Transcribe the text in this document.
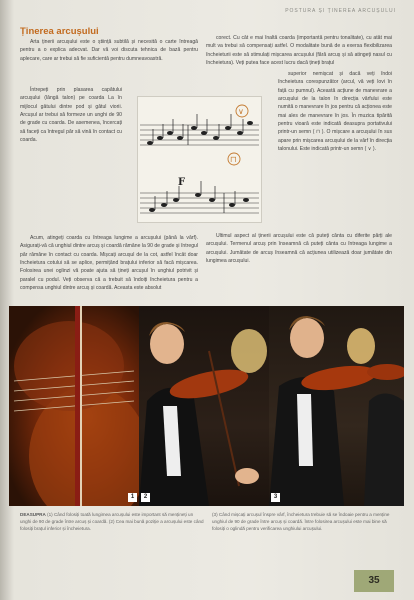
POSTURA ȘI ȚINEREA ARCUȘULUI
Ținerea arcușului

Arta ținerii arcușului este o știință subtilă și necesită o carte întreagă pentru a o explica adecvat. Dar vă voi discuta tehnica de bază pentru aplecare, care ar trebui să fie suficientă pentru dumneavoastră.

Întrepeți prin plasarea capătului arcușului (lângă talon) pe coarda La în mijlocul gâtului dintre pod și gâtul viorii. Arcușul ar trebui să formeze un unghi de 90 de grade cu coarda. De asemenea, încercați să faceți ca întregul păr să vină în contact cu coarda.

Acum, atingeți coarda cu întreaga lungime a arcușului (până la vârf). Asigurați-vă că unghiul dintre arcuș și coardă rămâne la 90 de grade și întregul păr rămâne în contact cu coarda. Mișcați arcușul de la cot, astfel încât doar încheietura cotului să se aplice, permițând brațului inferior să facă mișcarea. Folosirea unei oglinzi vă poate ajuta să țineți arcușul în unghiul potrivit și paralel cu podul. Veți observa că a trebuit să îndoiți încheietura pentru a compensa unghiul dintre arcuș și coardă. Aceasta este absolut

∨
⊓
F

corect. Cu cât e mai înaltă coarda (importantă pentru tonalitate), cu atât mai mult va trebui să compensați astfel. O modalitate bună de a exersa flexibilizarea încheieturii este să stimulați mișcarea arcușului (fără arcuș și să atingeți nasul cu încheietura). Veți putea face acest lucru dacă țineți brațul

superior nemișcat și dacă veți îndoi încheietura corespunzător (arcul, vă veți lovi în față cu pumnul). Această acțiune de manevrare a arcușului de la talon în direcția vârfului este numită o manevrare în jos pentru că acționea este mai ales de manevrare în jos. În muzica tipărită pentru vioară este indicată deasupra portativului printr-un semn ( ⊓ ). O mișcare a arcușului în sus apare prin mișcarea arcușului de la vârf în direcția talonului. Este indicată printr-un semn ( ∨ ).

Ultimul aspect al ținerii arcușului este că puteți cânta cu diferite părți ale arcușului. Termenul arcuș prin înseamnă că puteți cânta cu întreaga lungime a arcușului. Jumătate de arcuș înseamnă că acțiunea utilizează doar jumătate din lungimea arcușului.

1	2	3
DEASUPRA (1) Când folosiți toată lungimea arcușului este important să mențineți un unghi de 90 de grade între arcuș și coardă. (2) Cea mai bună poziție a arcușului este când folosiți brațul inferior și încheietura.
(3) Când mișcați arcușul înspre vârf, încheietura trebuie să se îndoaie pentru a menține unghiul de 90 de grade între arcuș și coardă. Între folosirea arcușului este mai bine să folosiți o oglindă pentru verificarea unghiului arcușului.
35
